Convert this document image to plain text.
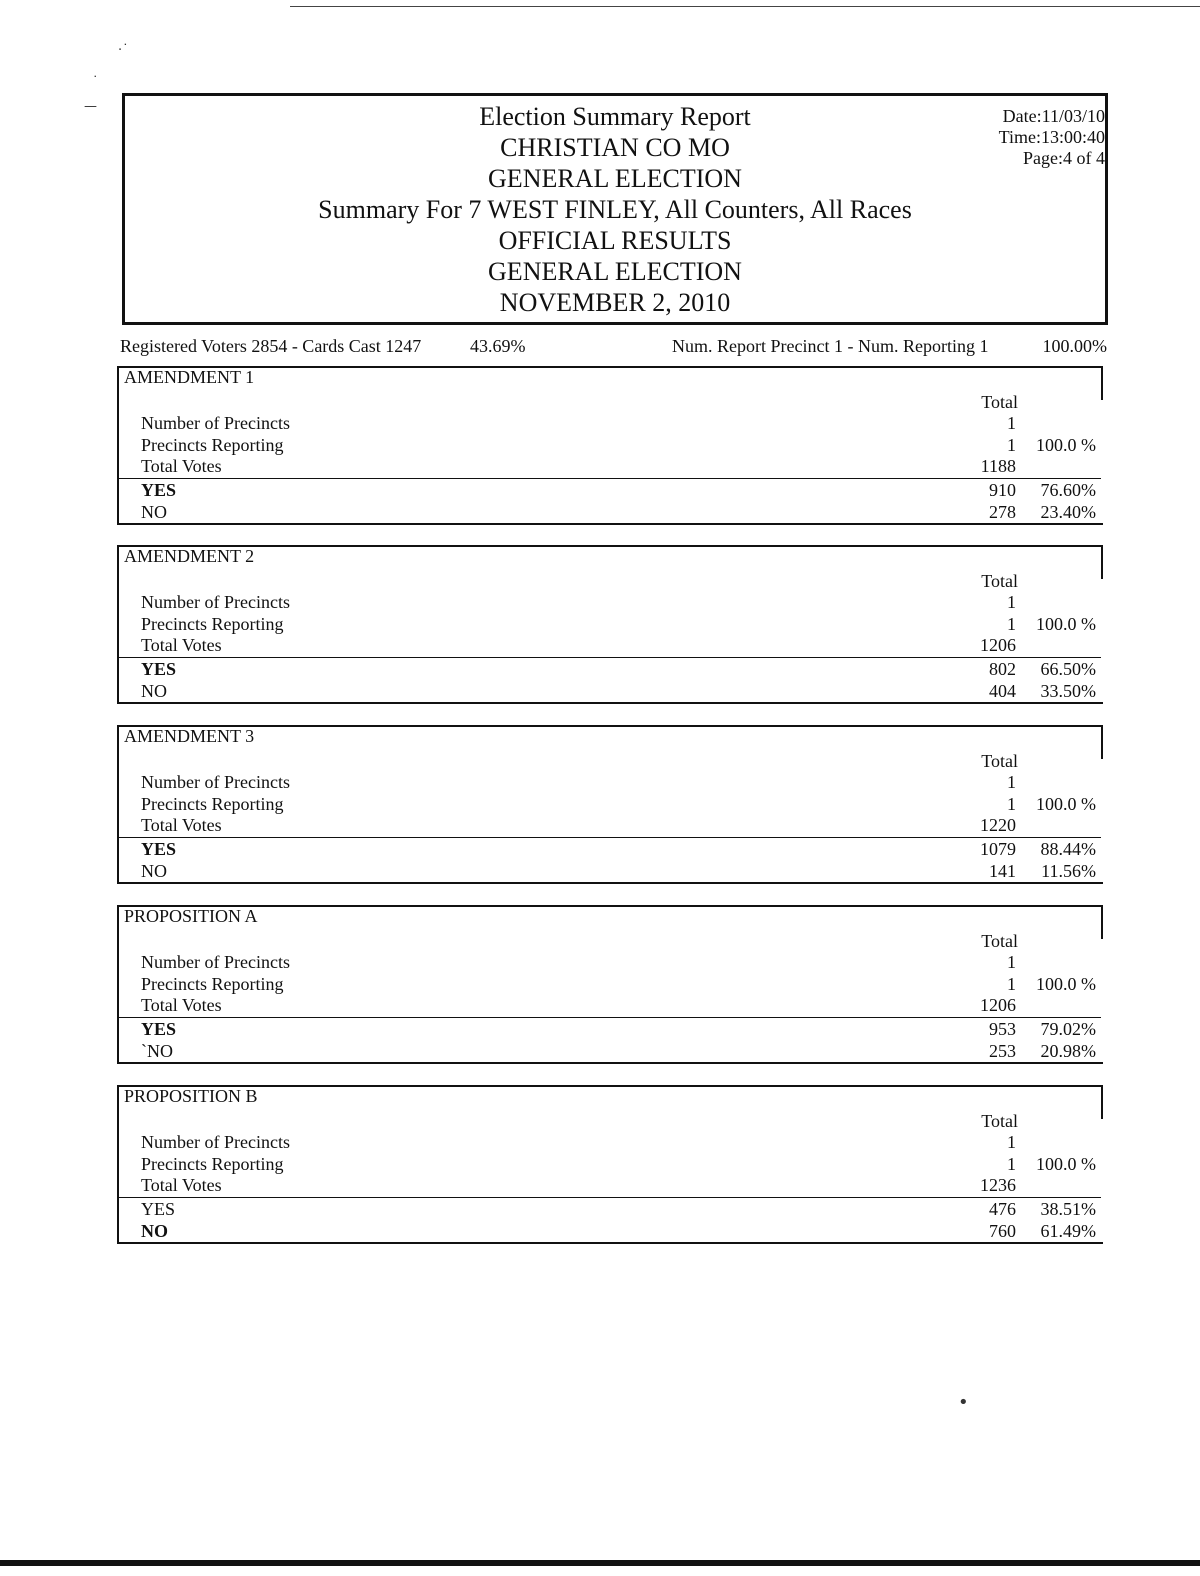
·˙
˙
—
•
Election Summary Report
CHRISTIAN CO MO
GENERAL ELECTION
Summary For 7 WEST FINLEY, All Counters, All Races
OFFICIAL RESULTS
GENERAL ELECTION
NOVEMBER 2, 2010
Date:11/03/10
Time:13:00:40
Page:4 of 4
Registered Voters 2854 - Cards Cast 1247	43.69%	Num. Report Precinct 1 - Num. Reporting 1	100.00%
AMENDMENT 1
Total
Number of Precincts	1
Precincts Reporting	1 100.0 %
Total Votes	1188
YES	910 76.60%
NO	278 23.40%
AMENDMENT 2
Total
Number of Precincts	1
Precincts Reporting	1 100.0 %
Total Votes	1206
YES	802 66.50%
NO	404 33.50%
AMENDMENT 3
Total
Number of Precincts	1
Precincts Reporting	1 100.0 %
Total Votes	1220
YES	1079 88.44%
NO	141 11.56%
PROPOSITION A
Total
Number of Precincts	1
Precincts Reporting	1 100.0 %
Total Votes	1206
YES	953 79.02%
`NO	253 20.98%
PROPOSITION B
Total
Number of Precincts	1
Precincts Reporting	1 100.0 %
Total Votes	1236
YES	476 38.51%
NO	760 61.49%
